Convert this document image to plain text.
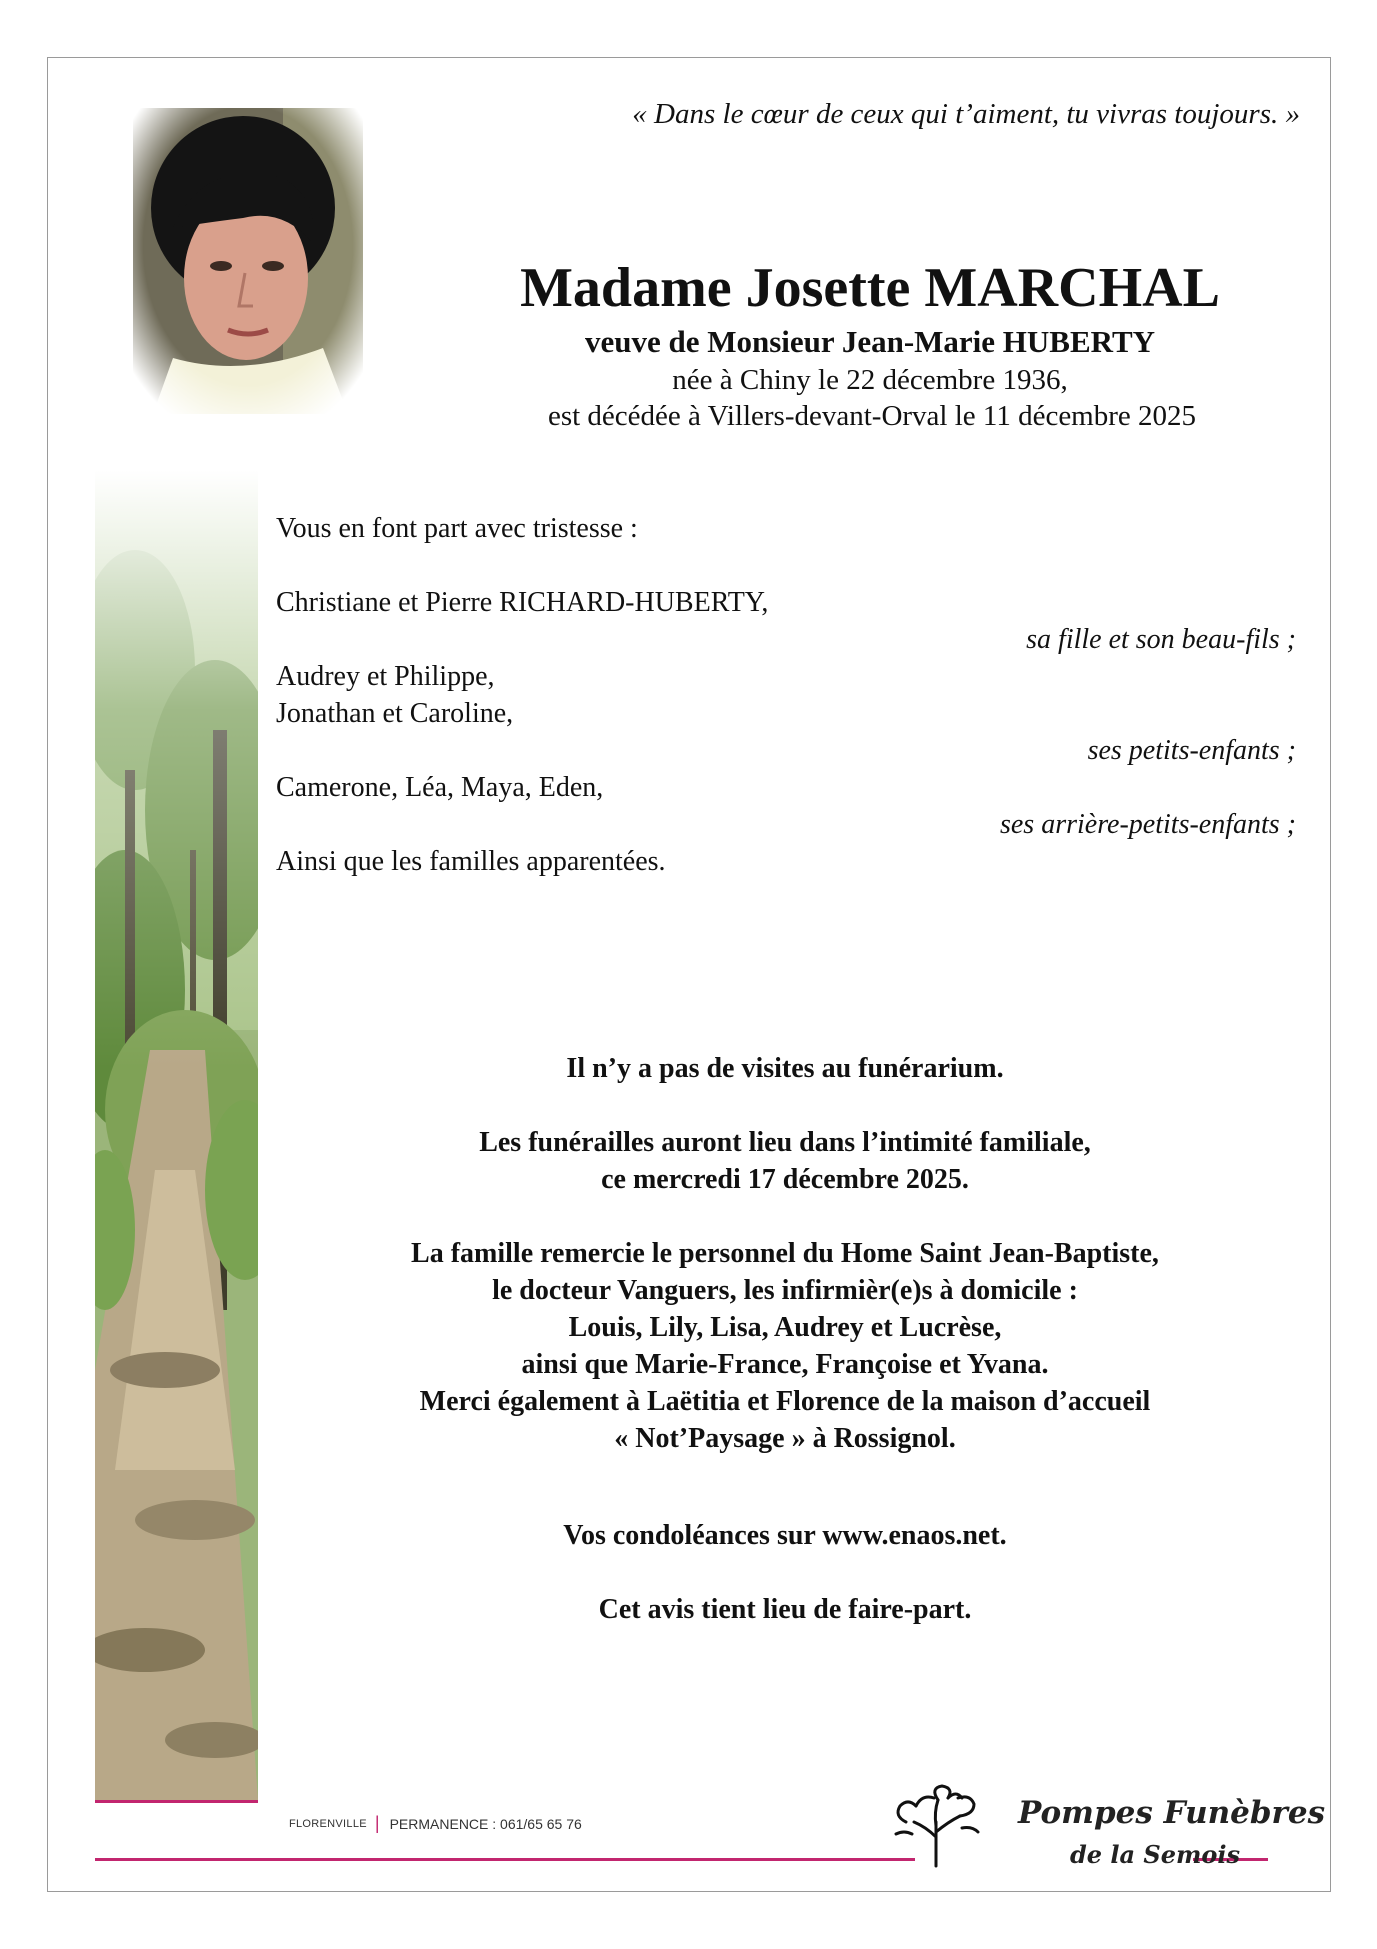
« Dans le cœur de ceux qui t’aiment, tu vivras toujours. »
Madame Josette MARCHAL
veuve de Monsieur Jean-Marie HUBERTY
née à Chiny le 22 décembre 1936,
est décédée à Villers-devant-Orval le 11 décembre 2025
Vous en font part avec tristesse :
Christiane et Pierre RICHARD-HUBERTY,
sa fille et son beau-fils ;
Audrey et Philippe,
Jonathan et Caroline,
ses petits-enfants ;
Camerone, Léa, Maya, Eden,
ses arrière-petits-enfants ;
Ainsi que les familles apparentées.
Il n’y a pas de visites au funérarium.
Les funérailles auront lieu dans l’intimité familiale,
ce mercredi 17 décembre 2025.
La famille remercie le personnel du Home Saint Jean-Baptiste,
le docteur Vanguers, les infirmièr(e)s à domicile :
Louis, Lily, Lisa, Audrey et Lucrèse,
ainsi que Marie-France, Françoise et Yvana.
Merci également à Laëtitia et Florence de la maison d’accueil
« Not’Paysage » à Rossignol.
Vos condoléances sur www.enaos.net.
Cet avis tient lieu de faire-part.
FLORENVILLE | PERMANENCE : 061/65 65 76	Pompes Funèbres
de la Semois
